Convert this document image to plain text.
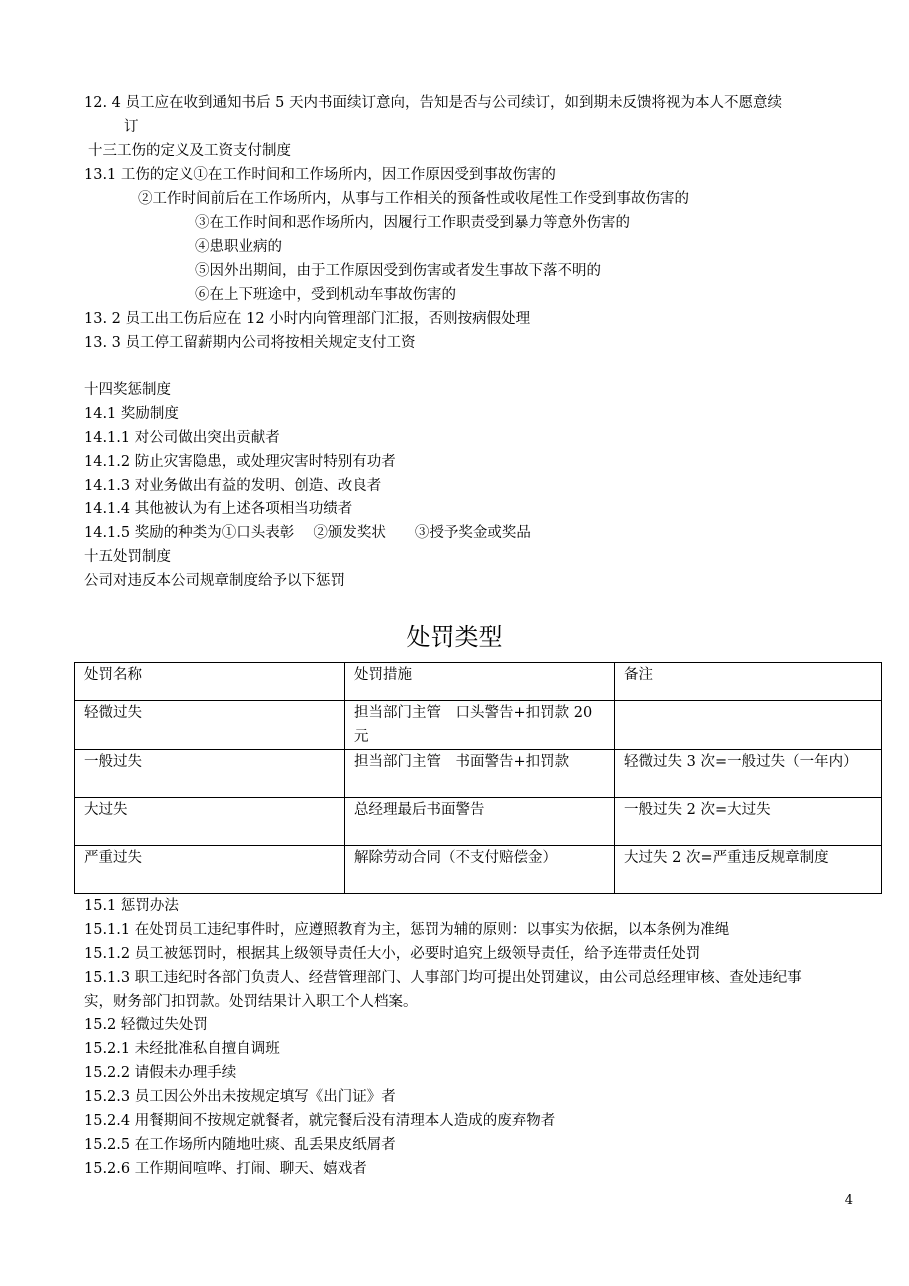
12. 4 员工应在收到通知书后 5 天内书面续订意向，告知是否与公司续订，如到期未反馈将视为本人不愿意续
订
十三工伤的定义及工资支付制度
13.1 工伤的定义①在工作时间和工作场所内，因工作原因受到事故伤害的
②工作时间前后在工作场所内，从事与工作相关的预备性或收尾性工作受到事故伤害的
③在工作时间和恶作场所内，因履行工作职责受到暴力等意外伤害的
④患职业病的
⑤因外出期间，由于工作原因受到伤害或者发生事故下落不明的
⑥在上下班途中，受到机动车事故伤害的
13. 2 员工出工伤后应在 12 小时内向管理部门汇报，否则按病假处理
13. 3 员工停工留薪期内公司将按相关规定支付工资
十四奖惩制度
14.1 奖励制度
14.1.1 对公司做出突出贡献者
14.1.2 防止灾害隐患，或处理灾害时特别有功者
14.1.3 对业务做出有益的发明、创造、改良者
14.1.4 其他被认为有上述各项相当功绩者
14.1.5 奖励的种类为①口头表彰　 ②颁发奖状　　③授予奖金或奖品
十五处罚制度
公司对违反本公司规章制度给予以下惩罚
处罚类型
处罚名称	处罚措施	备注
轻微过失	担当部门主管　口头警告+扣罚款 20 元	
一般过失	担当部门主管　书面警告+扣罚款	轻微过失 3 次=一般过失（一年内）
大过失	总经理最后书面警告	一般过失 2 次=大过失
严重过失	解除劳动合同（不支付赔偿金）	大过失 2 次=严重违反规章制度
15.1 惩罚办法
15.1.1 在处罚员工违纪事件时，应遵照教育为主，惩罚为辅的原则：以事实为依据，以本条例为准绳
15.1.2 员工被惩罚时，根据其上级领导责任大小，必要时追究上级领导责任，给予连带责任处罚
15.1.3 职工违纪时各部门负责人、经营管理部门、人事部门均可提出处罚建议，由公司总经理审核、查处违纪事
实，财务部门扣罚款。处罚结果计入职工个人档案。
15.2 轻微过失处罚
15.2.1 未经批准私自擅自调班
15.2.2 请假未办理手续
15.2.3 员工因公外出未按规定填写《出门证》者
15.2.4 用餐期间不按规定就餐者，就完餐后没有清理本人造成的废弃物者
15.2.5 在工作场所内随地吐痰、乱丢果皮纸屑者
15.2.6 工作期间喧哗、打闹、聊天、嬉戏者
4
